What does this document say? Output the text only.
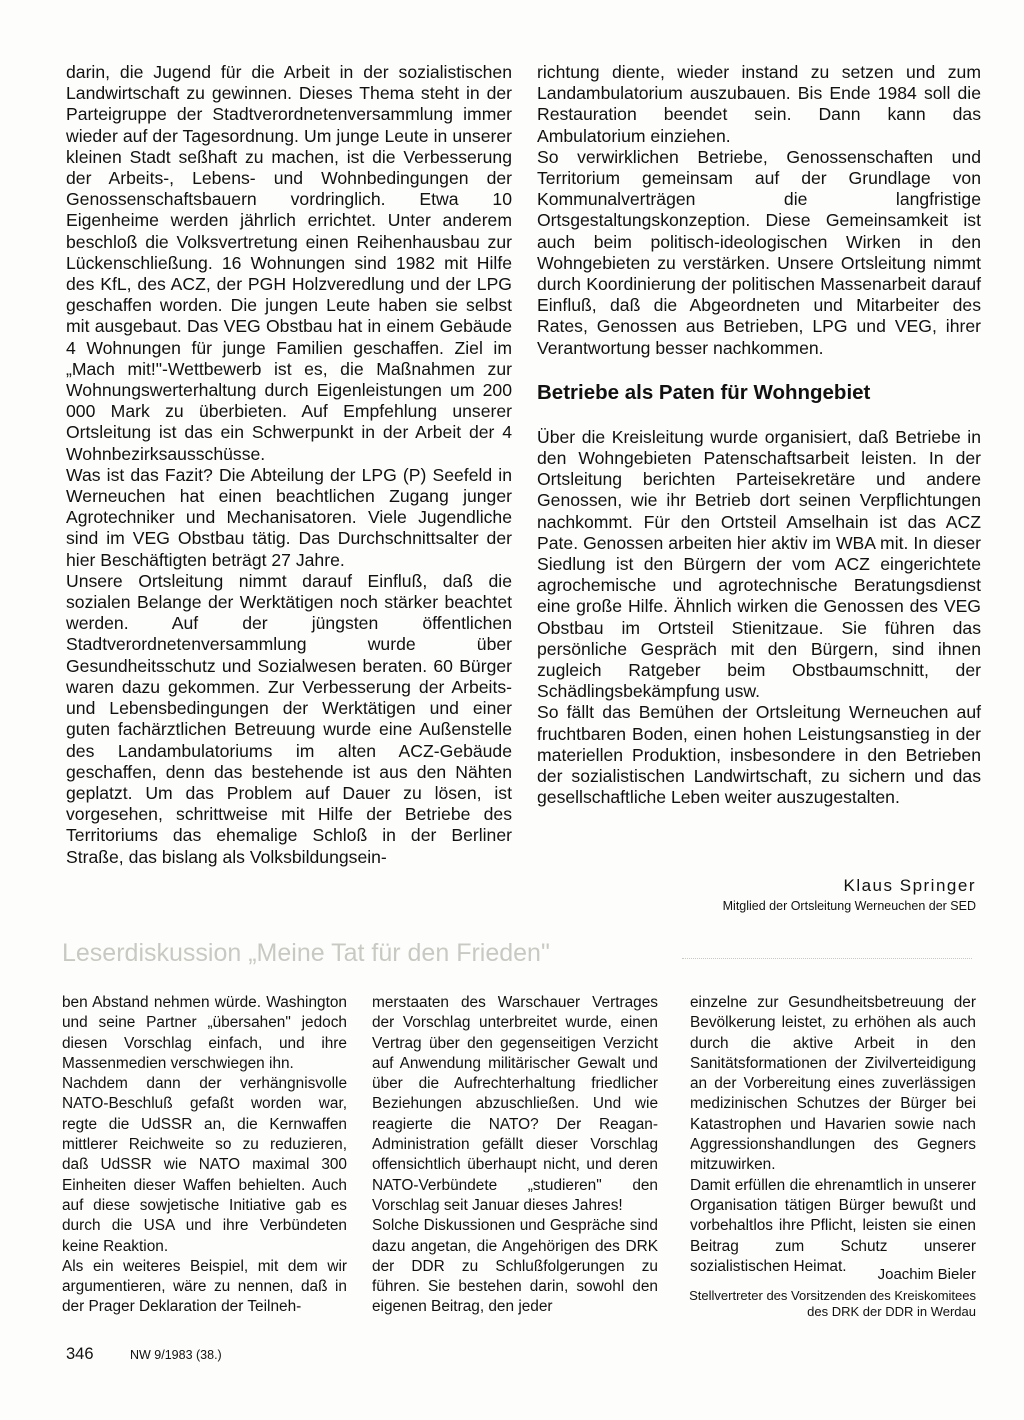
darin, die Jugend für die Arbeit in der sozialistischen Landwirtschaft zu gewinnen. Dieses Thema steht in der Parteigruppe der Stadtverordnetenversammlung immer wieder auf der Tagesordnung. Um junge Leute in unserer kleinen Stadt seßhaft zu machen, ist die Verbesserung der Arbeits-, Lebens- und Wohnbedingungen der Genossenschaftsbauern vordringlich. Etwa 10 Eigenheime werden jährlich errichtet. Unter anderem beschloß die Volksvertretung einen Reihenhausbau zur Lückenschließung. 16 Wohnungen sind 1982 mit Hilfe des KfL, des ACZ, der PGH Holzveredlung und der LPG geschaffen worden. Die jungen Leute haben sie selbst mit ausgebaut. Das VEG Obstbau hat in einem Gebäude 4 Wohnungen für junge Familien geschaffen. Ziel im „Mach mit!"-Wettbewerb ist es, die Maßnahmen zur Wohnungswerterhaltung durch Eigenleistungen um 200 000 Mark zu überbieten. Auf Empfehlung unserer Ortsleitung ist das ein Schwerpunkt in der Arbeit der 4 Wohnbezirksausschüsse.

Was ist das Fazit? Die Abteilung der LPG (P) Seefeld in Werneuchen hat einen beachtlichen Zugang junger Agrotechniker und Mechanisatoren. Viele Jugendliche sind im VEG Obstbau tätig. Das Durchschnittsalter der hier Beschäftigten beträgt 27 Jahre.

Unsere Ortsleitung nimmt darauf Einfluß, daß die sozialen Belange der Werktätigen noch stärker beachtet werden. Auf der jüngsten öffentlichen Stadtverordnetenversammlung wurde über Gesundheitsschutz und Sozialwesen beraten. 60 Bürger waren dazu gekommen. Zur Verbesserung der Arbeits- und Lebensbedingungen der Werktätigen und einer guten fachärztlichen Betreuung wurde eine Außenstelle des Landambulatoriums im alten ACZ-Gebäude geschaffen, denn das bestehende ist aus den Nähten geplatzt. Um das Problem auf Dauer zu lösen, ist vorgesehen, schrittweise mit Hilfe der Betriebe des Territoriums das ehemalige Schloß in der Berliner Straße, das bislang als Volksbildungsein-

richtung diente, wieder instand zu setzen und zum Landambulatorium auszubauen. Bis Ende 1984 soll die Restauration beendet sein. Dann kann das Ambulatorium einziehen.

So verwirklichen Betriebe, Genossenschaften und Territorium gemeinsam auf der Grundlage von Kommunalverträgen die langfristige Ortsgestaltungskonzeption. Diese Gemeinsamkeit ist auch beim politisch-ideologischen Wirken in den Wohngebieten zu verstärken. Unsere Ortsleitung nimmt durch Koordinierung der politischen Massenarbeit darauf Einfluß, daß die Abgeordneten und Mitarbeiter des Rates, Genossen aus Betrieben, LPG und VEG, ihrer Verantwortung besser nachkommen.

Betriebe als Paten für Wohngebiet

Über die Kreisleitung wurde organisiert, daß Betriebe in den Wohngebieten Patenschaftsarbeit leisten. In der Ortsleitung berichten Parteisekretäre und andere Genossen, wie ihr Betrieb dort seinen Verpflichtungen nachkommt. Für den Ortsteil Amselhain ist das ACZ Pate. Genossen arbeiten hier aktiv im WBA mit. In dieser Siedlung ist den Bürgern der vom ACZ eingerichtete agrochemische und agrotechnische Beratungsdienst eine große Hilfe. Ähnlich wirken die Genossen des VEG Obstbau im Ortsteil Stienitzaue. Sie führen das persönliche Gespräch mit den Bürgern, sind ihnen zugleich Ratgeber beim Obstbaumschnitt, der Schädlingsbekämpfung usw.

So fällt das Bemühen der Ortsleitung Werneuchen auf fruchtbaren Boden, einen hohen Leistungsanstieg in der materiellen Produktion, insbesondere in den Betrieben der sozialistischen Landwirtschaft, zu sichern und das gesellschaftliche Leben weiter auszugestalten.

Klaus Springer
Mitglied der Ortsleitung Werneuchen der SED
Leserdiskussion „Meine Tat für den Frieden"

ben Abstand nehmen würde. Washington und seine Partner „übersahen" jedoch diesen Vorschlag einfach, und ihre Massenmedien verschwiegen ihn.

Nachdem dann der verhängnisvolle NATO-Beschluß gefaßt worden war, regte die UdSSR an, die Kernwaffen mittlerer Reichweite so zu reduzieren, daß UdSSR wie NATO maximal 300 Einheiten dieser Waffen behielten. Auch auf diese sowjetische Initiative gab es durch die USA und ihre Verbündeten keine Reaktion.

Als ein weiteres Beispiel, mit dem wir argumentieren, wäre zu nennen, daß in der Prager Deklaration der Teilneh-

merstaaten des Warschauer Vertrages der Vorschlag unterbreitet wurde, einen Vertrag über den gegenseitigen Verzicht auf Anwendung militärischer Gewalt und über die Aufrechterhaltung friedlicher Beziehungen abzuschließen. Und wie reagierte die NATO? Der Reagan-Administration gefällt dieser Vorschlag offensichtlich überhaupt nicht, und deren NATO-Verbündete „studieren" den Vorschlag seit Januar dieses Jahres!

Solche Diskussionen und Gespräche sind dazu angetan, die Angehörigen des DRK der DDR zu Schlußfolgerungen zu führen. Sie bestehen darin, sowohl den eigenen Beitrag, den jeder

einzelne zur Gesundheitsbetreuung der Bevölkerung leistet, zu erhöhen als auch durch die aktive Arbeit in den Sanitätsformationen der Zivilverteidigung an der Vorbereitung eines zuverlässigen medizinischen Schutzes der Bürger bei Katastrophen und Havarien sowie nach Aggressionshandlungen des Gegners mitzuwirken.

Damit erfüllen die ehrenamtlich in unserer Organisation tätigen Bürger bewußt und vorbehaltlos ihre Pflicht, leisten sie einen Beitrag zum Schutz unserer sozialistischen Heimat.	Joachim Bieler
Stellvertreter des Vorsitzenden des Kreiskomitees des DRK der DDR in Werdau
346	NW 9/1983 (38.)
